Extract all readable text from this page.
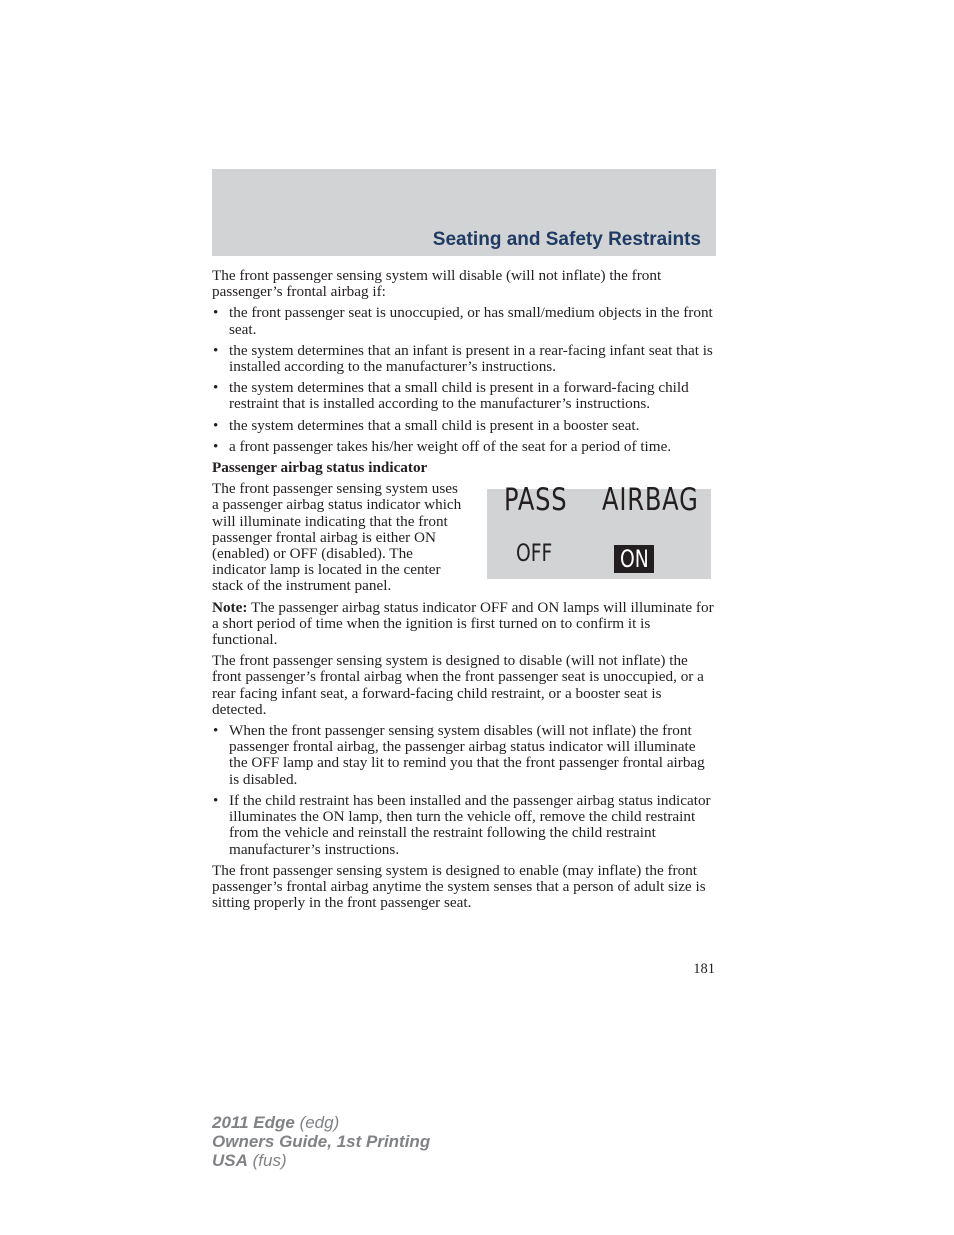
Seating and Safety Restraints

The front passenger sensing system will disable (will not inflate) the front passenger’s frontal airbag if:

• the front passenger seat is unoccupied, or has small/medium objects in the front seat.
• the system determines that an infant is present in a rear-facing infant seat that is installed according to the manufacturer’s instructions.
• the system determines that a small child is present in a forward-facing child restraint that is installed according to the manufacturer’s instructions.
• the system determines that a small child is present in a booster seat.
• a front passenger takes his/her weight off of the seat for a period of time.
Passenger airbag status indicator

The front passenger sensing system uses a passenger airbag status indicator which will illuminate indicating that the front passenger frontal airbag is either ON (enabled) or OFF (disabled). The indicator lamp is located in the center stack of the instrument panel.

PASS AIRBAG
OFF	ON

Note: The passenger airbag status indicator OFF and ON lamps will illuminate for a short period of time when the ignition is first turned on to confirm it is functional.

The front passenger sensing system is designed to disable (will not inflate) the front passenger’s frontal airbag when the front passenger seat is unoccupied, or a rear facing infant seat, a forward-facing child restraint, or a booster seat is detected.

• When the front passenger sensing system disables (will not inflate) the front passenger frontal airbag, the passenger airbag status indicator will illuminate the OFF lamp and stay lit to remind you that the front passenger frontal airbag is disabled.
• If the child restraint has been installed and the passenger airbag status indicator illuminates the ON lamp, then turn the vehicle off, remove the child restraint from the vehicle and reinstall the restraint following the child restraint manufacturer’s instructions.

The front passenger sensing system is designed to enable (may inflate) the front passenger’s frontal airbag anytime the system senses that a person of adult size is sitting properly in the front passenger seat.

181
2011 Edge (edg)
Owners Guide, 1st Printing
USA (fus)
